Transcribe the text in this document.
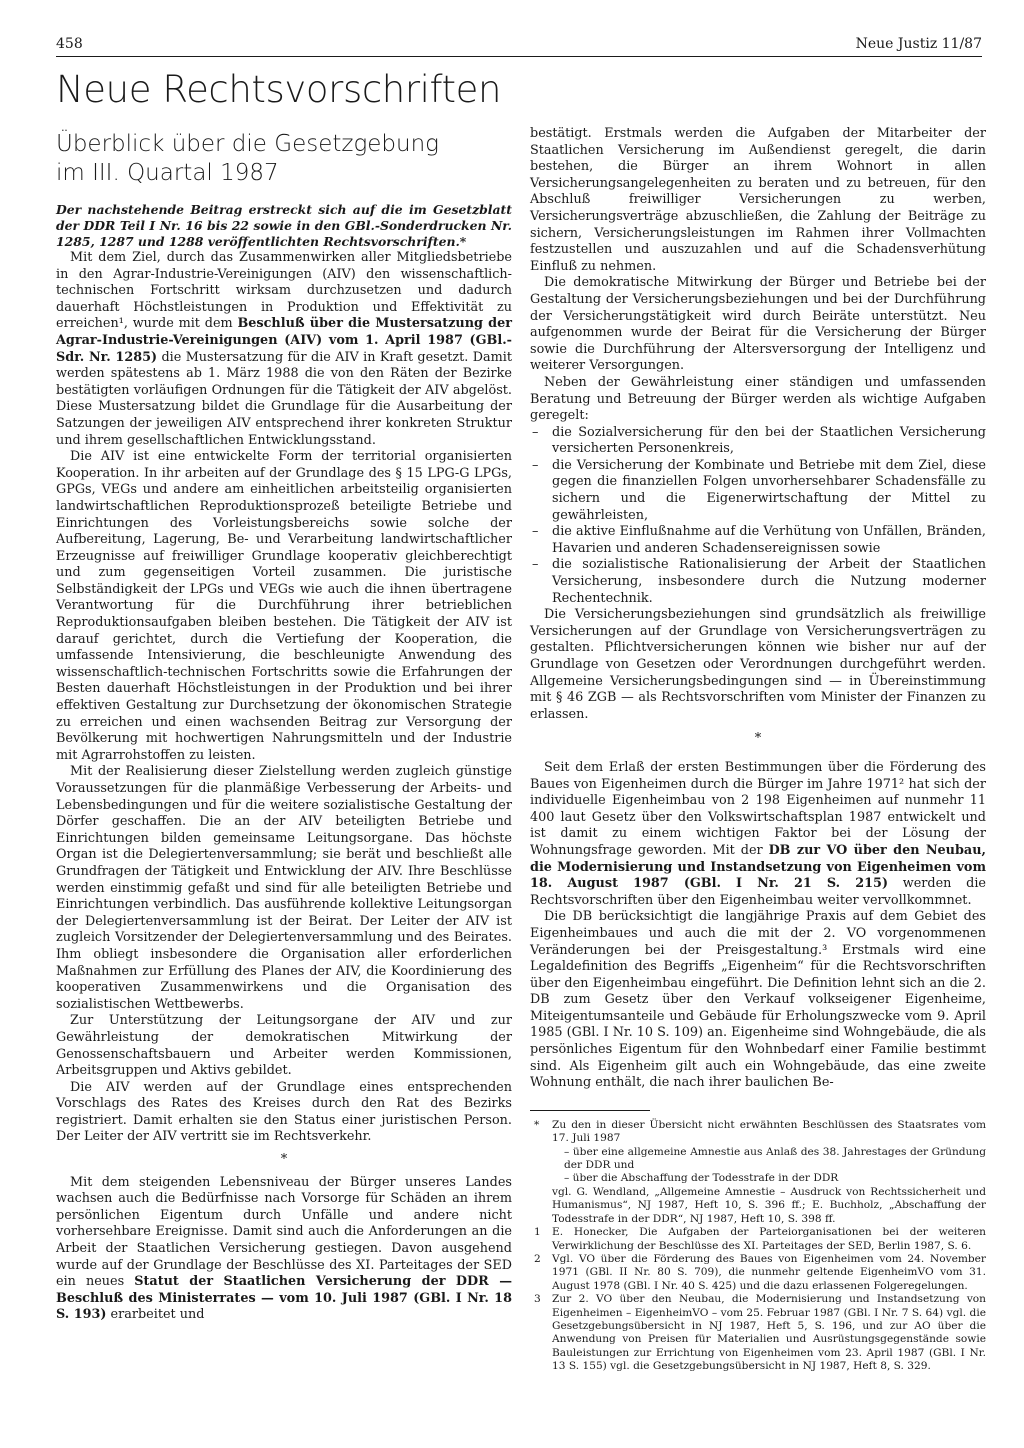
458	Neue Justiz 11/87
Neue Rechtsvorschriften
Überblick über die Gesetzgebung
im III. Quartal 1987

Der nachstehende Beitrag erstreckt sich auf die im Gesetzblatt der DDR Teil I Nr. 16 bis 22 sowie in den GBl.-Sonderdrucken Nr. 1285, 1287 und 1288 veröffentlichten Rechtsvorschriften.*

Mit dem Ziel, durch das Zusammenwirken aller Mitgliedsbetriebe in den Agrar-Industrie-Vereinigungen (AIV) den wissenschaftlich-technischen Fortschritt wirksam durchzusetzen und dadurch dauerhaft Höchstleistungen in Produktion und Effektivität zu erreichen¹, wurde mit dem Beschluß über die Mustersatzung der Agrar-Industrie-Vereinigungen (AIV) vom 1. April 1987 (GBl.-Sdr. Nr. 1285) die Mustersatzung für die AIV in Kraft gesetzt. Damit werden spätestens ab 1. März 1988 die von den Räten der Bezirke bestätigten vorläufigen Ordnungen für die Tätigkeit der AIV abgelöst. Diese Mustersatzung bildet die Grundlage für die Ausarbeitung der Satzungen der jeweiligen AIV entsprechend ihrer konkreten Struktur und ihrem gesellschaftlichen Entwicklungsstand.

Die AIV ist eine entwickelte Form der territorial organisierten Kooperation. In ihr arbeiten auf der Grundlage des § 15 LPG-G LPGs, GPGs, VEGs und andere am einheitlichen arbeitsteilig organisierten landwirtschaftlichen Reproduktionsprozeß beteiligte Betriebe und Einrichtungen des Vorleistungsbereichs sowie solche der Aufbereitung, Lagerung, Be- und Verarbeitung landwirtschaftlicher Erzeugnisse auf freiwilliger Grundlage kooperativ gleichberechtigt und zum gegenseitigen Vorteil zusammen. Die juristische Selbständigkeit der LPGs und VEGs wie auch die ihnen übertragene Verantwortung für die Durchführung ihrer betrieblichen Reproduktionsaufgaben bleiben bestehen. Die Tätigkeit der AIV ist darauf gerichtet, durch die Vertiefung der Kooperation, die umfassende Intensivierung, die beschleunigte Anwendung des wissenschaftlich-technischen Fortschritts sowie die Erfahrungen der Besten dauerhaft Höchstleistungen in der Produktion und bei ihrer effektiven Gestaltung zur Durchsetzung der ökonomischen Strategie zu erreichen und einen wachsenden Beitrag zur Versorgung der Bevölkerung mit hochwertigen Nahrungsmitteln und der Industrie mit Agrarrohstoffen zu leisten.

Mit der Realisierung dieser Zielstellung werden zugleich günstige Voraussetzungen für die planmäßige Verbesserung der Arbeits- und Lebensbedingungen und für die weitere sozialistische Gestaltung der Dörfer geschaffen. Die an der AIV beteiligten Betriebe und Einrichtungen bilden gemeinsame Leitungsorgane. Das höchste Organ ist die Delegiertenversammlung; sie berät und beschließt alle Grundfragen der Tätigkeit und Entwicklung der AIV. Ihre Beschlüsse werden einstimmig gefaßt und sind für alle beteiligten Betriebe und Einrichtungen verbindlich. Das ausführende kollektive Leitungsorgan der Delegiertenversammlung ist der Beirat. Der Leiter der AIV ist zugleich Vorsitzender der Delegiertenversammlung und des Beirates. Ihm obliegt insbesondere die Organisation aller erforderlichen Maßnahmen zur Erfüllung des Planes der AIV, die Koordinierung des kooperativen Zusammenwirkens und die Organisation des sozialistischen Wettbewerbs.

Zur Unterstützung der Leitungsorgane der AIV und zur Gewährleistung der demokratischen Mitwirkung der Genossenschaftsbauern und Arbeiter werden Kommissionen, Arbeitsgruppen und Aktivs gebildet.

Die AIV werden auf der Grundlage eines entsprechenden Vorschlags des Rates des Kreises durch den Rat des Bezirks registriert. Damit erhalten sie den Status einer juristischen Person. Der Leiter der AIV vertritt sie im Rechtsverkehr.

*

Mit dem steigenden Lebensniveau der Bürger unseres Landes wachsen auch die Bedürfnisse nach Vorsorge für Schäden an ihrem persönlichen Eigentum durch Unfälle und andere nicht vorhersehbare Ereignisse. Damit sind auch die Anforderungen an die Arbeit der Staatlichen Versicherung gestiegen. Davon ausgehend wurde auf der Grundlage der Beschlüsse des XI. Parteitages der SED ein neues Statut der Staatlichen Versicherung der DDR — Beschluß des Ministerrates — vom 10. Juli 1987 (GBl. I Nr. 18 S. 193) erarbeitet und

bestätigt. Erstmals werden die Aufgaben der Mitarbeiter der Staatlichen Versicherung im Außendienst geregelt, die darin bestehen, die Bürger an ihrem Wohnort in allen Versicherungsangelegenheiten zu beraten und zu betreuen, für den Abschluß freiwilliger Versicherungen zu werben, Versicherungsverträge abzuschließen, die Zahlung der Beiträge zu sichern, Versicherungsleistungen im Rahmen ihrer Vollmachten festzustellen und auszuzahlen und auf die Schadensverhütung Einfluß zu nehmen.

Die demokratische Mitwirkung der Bürger und Betriebe bei der Gestaltung der Versicherungsbeziehungen und bei der Durchführung der Versicherungstätigkeit wird durch Beiräte unterstützt. Neu aufgenommen wurde der Beirat für die Versicherung der Bürger sowie die Durchführung der Altersversorgung der Intelligenz und weiterer Versorgungen.

Neben der Gewährleistung einer ständigen und umfassenden Beratung und Betreuung der Bürger werden als wichtige Aufgaben geregelt:

– die Sozialversicherung für den bei der Staatlichen Versicherung versicherten Personenkreis,
– die Versicherung der Kombinate und Betriebe mit dem Ziel, diese gegen die finanziellen Folgen unvorhersehbarer Schadensfälle zu sichern und die Eigenerwirtschaftung der Mittel zu gewährleisten,
– die aktive Einflußnahme auf die Verhütung von Unfällen, Bränden, Havarien und anderen Schadensereignissen sowie
– die sozialistische Rationalisierung der Arbeit der Staatlichen Versicherung, insbesondere durch die Nutzung moderner Rechentechnik.

Die Versicherungsbeziehungen sind grundsätzlich als freiwillige Versicherungen auf der Grundlage von Versicherungsverträgen zu gestalten. Pflichtversicherungen können wie bisher nur auf der Grundlage von Gesetzen oder Verordnungen durchgeführt werden. Allgemeine Versicherungsbedingungen sind — in Übereinstimmung mit § 46 ZGB — als Rechtsvorschriften vom Minister der Finanzen zu erlassen.

*

Seit dem Erlaß der ersten Bestimmungen über die Förderung des Baues von Eigenheimen durch die Bürger im Jahre 1971² hat sich der individuelle Eigenheimbau von 2 198 Eigenheimen auf nunmehr 11 400 laut Gesetz über den Volkswirtschaftsplan 1987 entwickelt und ist damit zu einem wichtigen Faktor bei der Lösung der Wohnungsfrage geworden. Mit der DB zur VO über den Neubau, die Modernisierung und Instandsetzung von Eigenheimen vom 18. August 1987 (GBl. I Nr. 21 S. 215) werden die Rechtsvorschriften über den Eigenheimbau weiter vervollkommnet.

Die DB berücksichtigt die langjährige Praxis auf dem Gebiet des Eigenheimbaues und auch die mit der 2. VO vorgenommenen Veränderungen bei der Preisgestaltung.³ Erstmals wird eine Legaldefinition des Begriffs „Eigenheim“ für die Rechtsvorschriften über den Eigenheimbau eingeführt. Die Definition lehnt sich an die 2. DB zum Gesetz über den Verkauf volkseigener Eigenheime, Miteigentumsanteile und Gebäude für Erholungszwecke vom 9. April 1985 (GBl. I Nr. 10 S. 109) an. Eigenheime sind Wohngebäude, die als persönliches Eigentum für den Wohnbedarf einer Familie bestimmt sind. Als Eigenheim gilt auch ein Wohngebäude, das eine zweite Wohnung enthält, die nach ihrer baulichen Be-

* Zu den in dieser Übersicht nicht erwähnten Beschlüssen des Staatsrates vom 17. Juli 1987
– über eine allgemeine Amnestie aus Anlaß des 38. Jahrestages der Gründung der DDR und
– über die Abschaffung der Todesstrafe in der DDR
vgl. G. Wendland, „Allgemeine Amnestie – Ausdruck von Rechtssicherheit und Humanismus“, NJ 1987, Heft 10, S. 396 ff.; E. Buchholz, „Abschaffung der Todesstrafe in der DDR“, NJ 1987, Heft 10, S. 398 ff.
1 E. Honecker, Die Aufgaben der Parteiorganisationen bei der weiteren Verwirklichung der Beschlüsse des XI. Parteitages der SED, Berlin 1987, S. 6.
2 Vgl. VO über die Förderung des Baues von Eigenheimen vom 24. November 1971 (GBl. II Nr. 80 S. 709), die nunmehr geltende EigenheimVO vom 31. August 1978 (GBl. I Nr. 40 S. 425) und die dazu erlassenen Folgeregelungen.
3 Zur 2. VO über den Neubau, die Modernisierung und Instandsetzung von Eigenheimen – EigenheimVO – vom 25. Februar 1987 (GBl. I Nr. 7 S. 64) vgl. die Gesetzgebungsübersicht in NJ 1987, Heft 5, S. 196, und zur AO über die Anwendung von Preisen für Materialien und Ausrüstungsgegenstände sowie Bauleistungen zur Errichtung von Eigenheimen vom 23. April 1987 (GBl. I Nr. 13 S. 155) vgl. die Gesetzgebungsübersicht in NJ 1987, Heft 8, S. 329.
